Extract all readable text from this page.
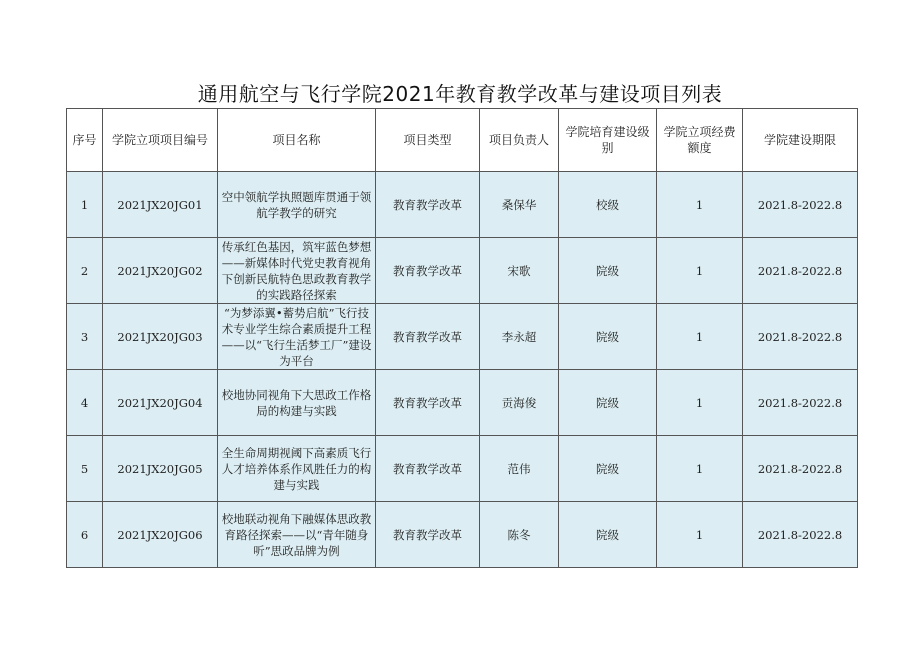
通用航空与飞行学院2021年教育教学改革与建设项目列表
序号	学院立项项目编号	项目名称	项目类型	项目负责人	学院培育建设级别	学院立项经费额度	学院建设期限
1	2021JX20JG01	空中领航学执照题库贯通于领航学教学的研究	教育教学改革	桑保华	校级	1	2021.8-2022.8
2	2021JX20JG02	传承红色基因，筑牢蓝色梦想——新媒体时代党史教育视角下创新民航特色思政教育教学的实践路径探索	教育教学改革	宋歌	院级	1	2021.8-2022.8
3	2021JX20JG03	“为梦添翼•蓄势启航”飞行技术专业学生综合素质提升工程——以“飞行生活梦工厂”建设为平台	教育教学改革	李永超	院级	1	2021.8-2022.8
4	2021JX20JG04	校地协同视角下大思政工作格局的构建与实践	教育教学改革	贡海俊	院级	1	2021.8-2022.8
5	2021JX20JG05	全生命周期视阈下高素质飞行人才培养体系作风胜任力的构建与实践	教育教学改革	范伟	院级	1	2021.8-2022.8
6	2021JX20JG06	校地联动视角下融媒体思政教育路径探索——以“青年随身听”思政品牌为例	教育教学改革	陈冬	院级	1	2021.8-2022.8
